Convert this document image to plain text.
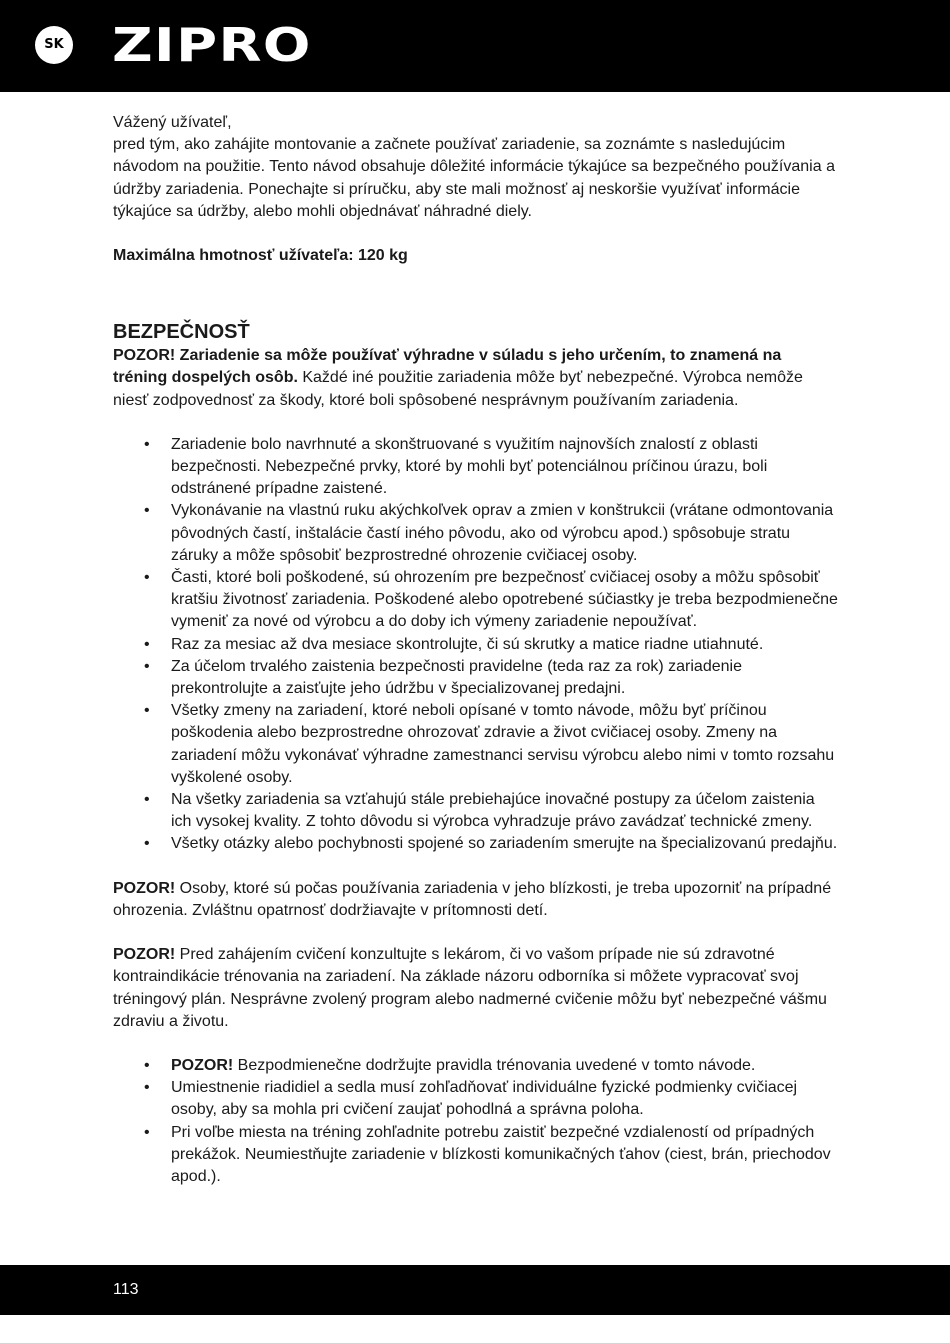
SK ZIPRO

Vážený užívateľ,

pred tým, ako zahájite montovanie a začnete používať zariadenie, sa zoznámte s nasledujúcim návodom na použitie. Tento návod obsahuje dôležité informácie týkajúce sa bezpečného používania a údržby zariadenia. Ponechajte si príručku, aby ste mali možnosť aj neskoršie využívať informácie týkajúce sa údržby, alebo mohli objednávať náhradné diely.

Maximálna hmotnosť užívateľa: 120 kg

BEZPEČNOSŤ

POZOR! Zariadenie sa môže používať výhradne v súladu s jeho určením, to znamená na tréning dospelých osôb. Každé iné použitie zariadenia môže byť nebezpečné. Výrobca nemôže niesť zodpovednosť za škody, ktoré boli spôsobené nesprávnym používaním zariadenia.

• Zariadenie bolo navrhnuté a skonštruované s využitím najnovších znalostí z oblasti bezpečnosti. Nebezpečné prvky, ktoré by mohli byť potenciálnou príčinou úrazu, boli odstránené prípadne zaistené.
• Vykonávanie na vlastnú ruku akýchkoľvek oprav a zmien v konštrukcii (vrátane odmontovania pôvodných častí, inštalácie častí iného pôvodu, ako od výrobcu apod.) spôsobuje stratu záruky a môže spôsobiť bezprostredné ohrozenie cvičiacej osoby.
• Časti, ktoré boli poškodené, sú ohrozením pre bezpečnosť cvičiacej osoby a môžu spôsobiť kratšiu životnosť zariadenia. Poškodené alebo opotrebené súčiastky je treba bezpodmienečne vymeniť za nové od výrobcu a do doby ich výmeny zariadenie nepoužívať.
• Raz za mesiac až dva mesiace skontrolujte, či sú skrutky a matice riadne utiahnuté.
• Za účelom trvalého zaistenia bezpečnosti pravidelne (teda raz za rok) zariadenie prekontrolujte a zaisťujte jeho údržbu v špecializovanej predajni.
• Všetky zmeny na zariadení, ktoré neboli opísané v tomto návode, môžu byť príčinou poškodenia alebo bezprostredne ohrozovať zdravie a život cvičiacej osoby. Zmeny na zariadení môžu vykonávať výhradne zamestnanci servisu výrobcu alebo nimi v tomto rozsahu vyškolené osoby.
• Na všetky zariadenia sa vzťahujú stále prebiehajúce inovačné postupy za účelom zaistenia ich vysokej kvality. Z tohto dôvodu si výrobca vyhradzuje právo zavádzať technické zmeny.
• Všetky otázky alebo pochybnosti spojené so zariadením smerujte na špecializovanú predajňu.

POZOR! Osoby, ktoré sú počas používania zariadenia v jeho blízkosti, je treba upozorniť na prípadné ohrozenia. Zvláštnu opatrnosť dodržiavajte v prítomnosti detí.

POZOR! Pred zahájením cvičení konzultujte s lekárom, či vo vašom prípade nie sú zdravotné kontraindikácie trénovania na zariadení. Na základe názoru odborníka si môžete vypracovať svoj tréningový plán. Nesprávne zvolený program alebo nadmerné cvičenie môžu byť nebezpečné vášmu zdraviu a životu.

• POZOR! Bezpodmienečne dodržujte pravidla trénovania uvedené v tomto návode.
• Umiestnenie riadidiel a sedla musí zohľadňovať individuálne fyzické podmienky cvičiacej osoby, aby sa mohla pri cvičení zaujať pohodlná a správna poloha.
• Pri voľbe miesta na tréning zohľadnite potrebu zaistiť bezpečné vzdialeností od prípadných prekážok. Neumiestňujte zariadenie v blízkosti komunikačných ťahov (ciest, brán, priechodov apod.).
113
